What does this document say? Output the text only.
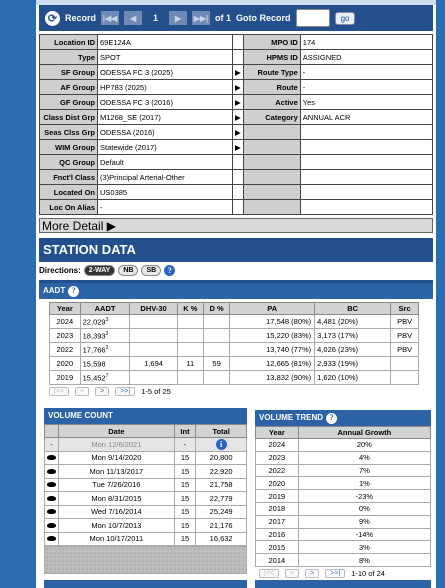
⟳ Record |◀◀	◀	1	▶	▶▶| of 1 Goto Record	go
Location ID	69E124A		MPO ID	174
Type	SPOT		HPMS ID	ASSIGNED
SF Group	ODESSA FC 3 (2025)	▶	Route Type	-
AF Group	HP783 (2025)	▶	Route	-
GF Group	ODESSA FC 3 (2016)	▶	Active	Yes
Class Dist Grp	M1268_SE (2017)	▶	Category	ANNUAL ACR
Seas Clss Grp	ODESSA (2016)	▶		
WIM Group	Statewide (2017)	▶		
QC Group	Default			
Fnct'l Class	(3)Principal Arterial-Other			
Located On	US0385			
Loc On Alias	-			
More Detail ▶
STATION DATA
Directions:	2-WAY	NB	SB	?
AADT ?
Year	AADT	DHV-30	K %	D %	PA	BC	Src
2024	22,029$^3$				17,548 (80%)	4,481 (20%)	PBV
2023	18,393$^3$				15,220 (83%)	3,173 (17%)	PBV
2022	17,766$^3$				13,740 (77%)	4,026 (23%)	PBV
2020	15,598	1,694	11	59	12,665 (81%)	2,933 (19%)	
2019	15,452$^7$				13,832 (90%)	1,620 (10%)	
|<<	<	>	>>|	1-5 of 25
VOLUME COUNT
	Date	Int	Total
-	Mon 12/6/2021	-	i
	Mon 9/14/2020	15	20,800
	Mon 11/13/2017	15	22,920
	Tue 7/26/2016	15	21,758
	Mon 8/31/2015	15	22,779
	Wed 7/16/2014	15	25,249
	Mon 10/7/2013	15	21,176
	Mon 10/17/2011	15	16,632
VOLUME TREND ?
Year	Annual Growth
2024	20%
2023	4%
2022	7%
2020	1%
2019	-23%
2018	0%
2017	9%
2016	-14%
2015	3%
2014	8%
|<<	<	>	>>|	1-10 of 24
